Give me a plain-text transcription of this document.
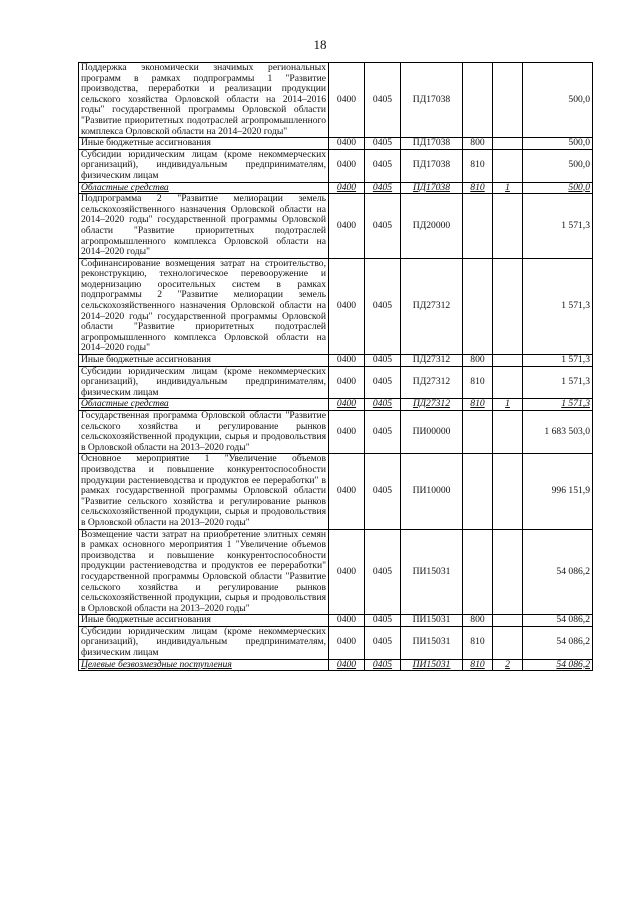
18
Поддержка экономически значимых региональных программ в рамках подпрограммы 1 "Развитие производства, переработки и реализации продукции сельского хозяйства Орловской области на 2014–2016 годы" государственной программы Орловской области "Развитие приоритетных подотраслей агропромышленного комплекса Орловской области на 2014–2020 годы"	0400	0405	ПД17038			500,0
Иные бюджетные ассигнования	0400	0405	ПД17038	800		500,0
Субсидии юридическим лицам (кроме некоммерческих организаций), индивидуальным предпринимателям, физическим лицам	0400	0405	ПД17038	810		500,0
Областные средства	0400	0405	ПД17038	810	1	500,0
Подпрограмма 2 "Развитие мелиорации земель сельскохозяйственного назначения Орловской области на 2014–2020 годы" государственной программы Орловской области "Развитие приоритетных подотраслей агропромышленного комплекса Орловской области на 2014–2020 годы"	0400	0405	ПД20000			1 571,3
Софинансирование возмещения затрат на строительство, реконструкцию, технологическое перевооружение и модернизацию оросительных систем в рамках подпрограммы 2 "Развитие мелиорации земель сельскохозяйственного назначения Орловской области на 2014–2020 годы" государственной программы Орловской области "Развитие приоритетных подотраслей агропромышленного комплекса Орловской области на 2014–2020 годы"	0400	0405	ПД27312			1 571,3
Иные бюджетные ассигнования	0400	0405	ПД27312	800		1 571,3
Субсидии юридическим лицам (кроме некоммерческих организаций), индивидуальным предпринимателям, физическим лицам	0400	0405	ПД27312	810		1 571,3
Областные средства	0400	0405	ПД27312	810	1	1 571,3
Государственная программа Орловской области "Развитие сельского хозяйства и регулирование рынков сельскохозяйственной продукции, сырья и продовольствия в Орловской области на 2013–2020 годы"	0400	0405	ПИ00000			1 683 503,0
Основное мероприятие 1 "Увеличение объемов производства и повышение конкурентоспособности продукции растениеводства и продуктов ее переработки" в рамках государственной программы Орловской области "Развитие сельского хозяйства и регулирование рынков сельскохозяйственной продукции, сырья и продовольствия в Орловской области на 2013–2020 годы"	0400	0405	ПИ10000			996 151,9
Возмещение части затрат на приобретение элитных семян в рамках основного мероприятия 1 "Увеличение объемов производства и повышение конкурентоспособности продукции растениеводства и продуктов ее переработки" государственной программы Орловской области "Развитие сельского хозяйства и регулирование рынков сельскохозяйственной продукции, сырья и продовольствия в Орловской области на 2013–2020 годы"	0400	0405	ПИ15031			54 086,2
Иные бюджетные ассигнования	0400	0405	ПИ15031	800		54 086,2
Субсидии юридическим лицам (кроме некоммерческих организаций), индивидуальным предпринимателям, физическим лицам	0400	0405	ПИ15031	810		54 086,2
Целевые безвозмездные поступления	0400	0405	ПИ15031	810	2	54 086,2
